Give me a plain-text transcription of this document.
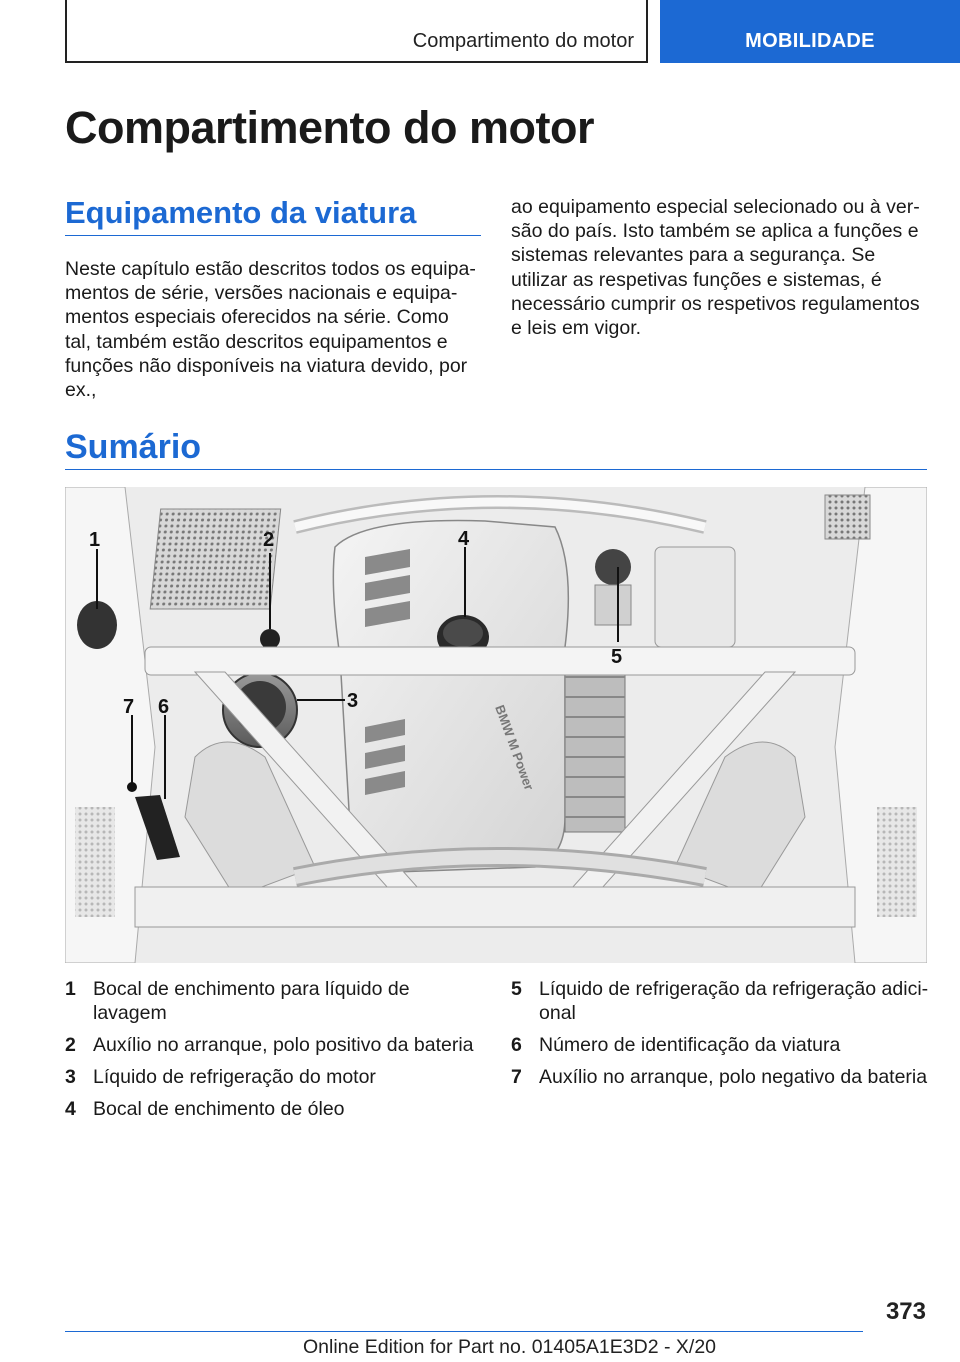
Compartimento do motor	MOBILIDADE
Compartimento do motor
Equipamento da viatura

Neste capítulo estão descritos todos os equipamentos de série, versões nacionais e equipamentos especiais oferecidos na série. Como tal, também estão descritos equipamentos e funções não disponíveis na viatura devido, por ex.,

ao equipamento especial selecionado ou à versão do país. Isto também se aplica a funções e sistemas relevantes para a segurança. Se utilizar as respetivas funções e sistemas, é necessário cumprir os respetivos regulamentos e leis em vigor.

Sumário
BMW M Power
1	2	4
5
3
6
7
1 Bocal de enchimento para líquido de lavagem
2 Auxílio no arranque, polo positivo da bateria
3 Líquido de refrigeração do motor
4 Bocal de enchimento de óleo
5 Líquido de refrigeração da refrigeração adicional
6 Número de identificação da viatura
7 Auxílio no arranque, polo negativo da bateria
373
Online Edition for Part no. 01405A1E3D2 - X/20
